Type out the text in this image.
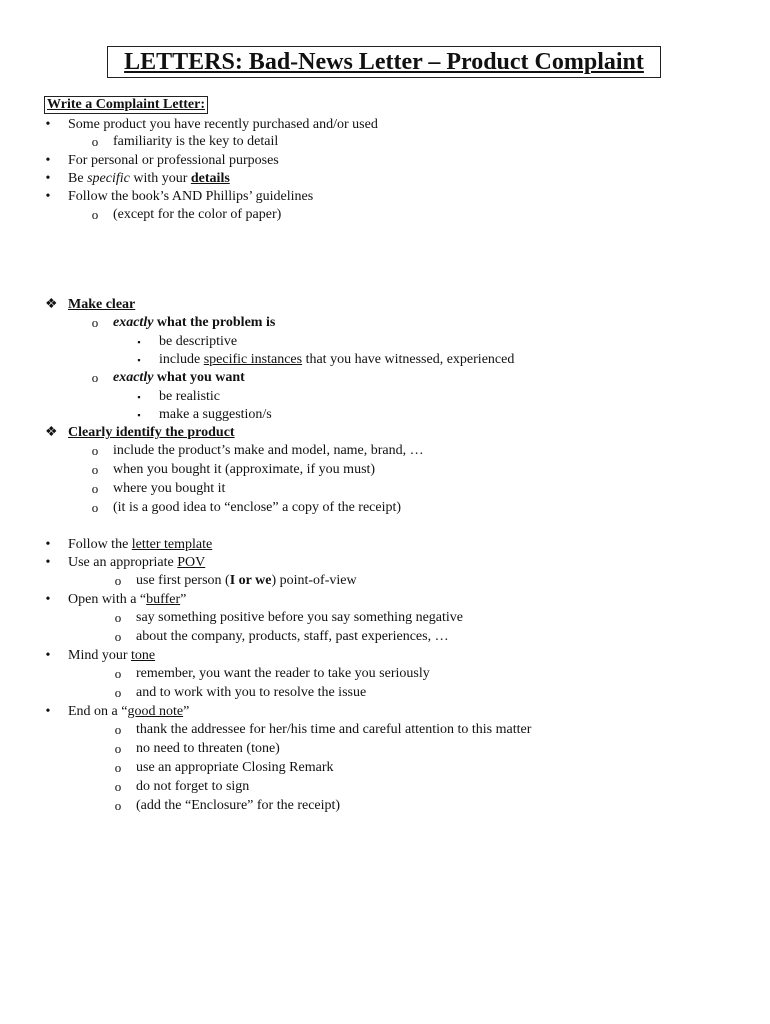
LETTERS: Bad-News Letter – Product Complaint
Write a Complaint Letter:
• Some product you have recently purchased and/or used
o familiarity is the key to detail
• For personal or professional purposes
• Be specific with your details
• Follow the book’s AND Phillips’ guidelines
o (except for the color of paper)
❖ Make clear
o exactly what the problem is
▪	be descriptive
▪	include specific instances that you have witnessed, experienced
o exactly what you want
▪	be realistic
▪	make a suggestion/s
❖ Clearly identify the product
o include the product’s make and model, name, brand, …
o when you bought it (approximate, if you must)
o where you bought it
o (it is a good idea to “enclose” a copy of the receipt)
• Follow the letter template
• Use an appropriate POV
o use first person (I or we) point-of-view
• Open with a “buffer”
o say something positive before you say something negative
o about the company, products, staff, past experiences, …
• Mind your tone
o remember, you want the reader to take you seriously
o and to work with you to resolve the issue
• End on a “good note”
o thank the addressee for her/his time and careful attention to this matter
o no need to threaten (tone)
o use an appropriate Closing Remark
o do not forget to sign
o (add the “Enclosure” for the receipt)
